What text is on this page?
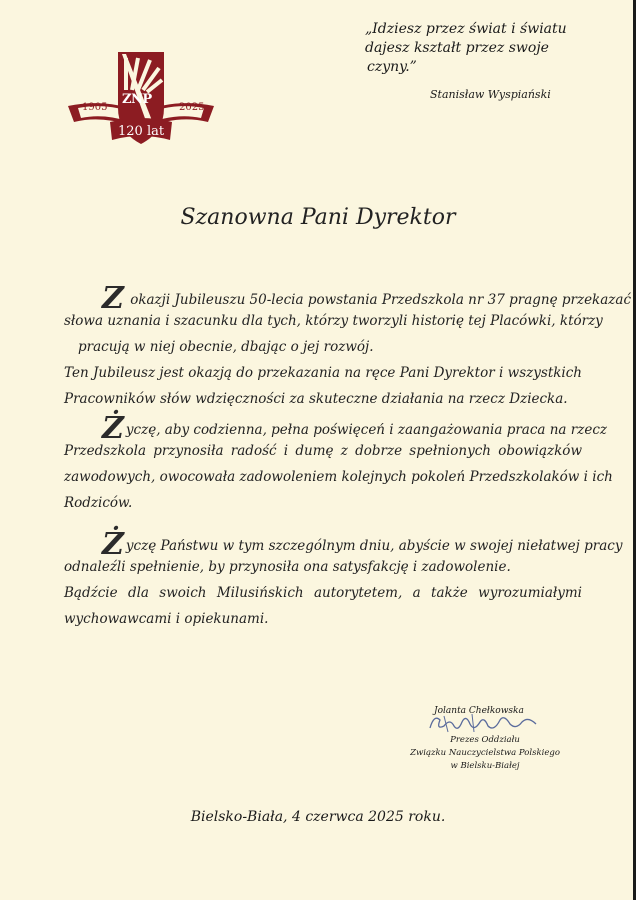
1905	2025
ZNP
120 lat
„Idziesz przez świat i światu
dajesz kształt przez swoje
czyny.”
Stanisław Wyspiański
Szanowna Pani Dyrektor
Z okazji Jubileuszu 50-lecia powstania Przedszkola nr 37 pragnę przekazać
słowa uznania i szacunku dla tych, którzy tworzyli historię tej Placówki, którzy
pracują w niej obecnie, dbając o jej rozwój.
Ten Jubileusz jest okazją do przekazania na ręce Pani Dyrektor i wszystkich
Pracowników słów wdzięczności za skuteczne działania na rzecz Dziecka.
Życzę, aby codzienna, pełna poświęceń i zaangażowania praca na rzecz
Przedszkola przynosiła radość i dumę z dobrze spełnionych obowiązków
zawodowych, owocowała zadowoleniem kolejnych pokoleń Przedszkolaków i ich
Rodziców.
Życzę Państwu w tym szczególnym dniu, abyście w swojej niełatwej pracy
odnaleźli spełnienie, by przynosiła ona satysfakcję i zadowolenie.
Bądźcie dla swoich Milusińskich autorytetem, a także wyrozumiałymi
wychowawcami i opiekunami.
Jolanta Chełkowska
Prezes Oddziału
Związku Nauczycielstwa Polskiego
w Bielsku-Białej
Bielsko-Biała, 4 czerwca 2025 roku.
